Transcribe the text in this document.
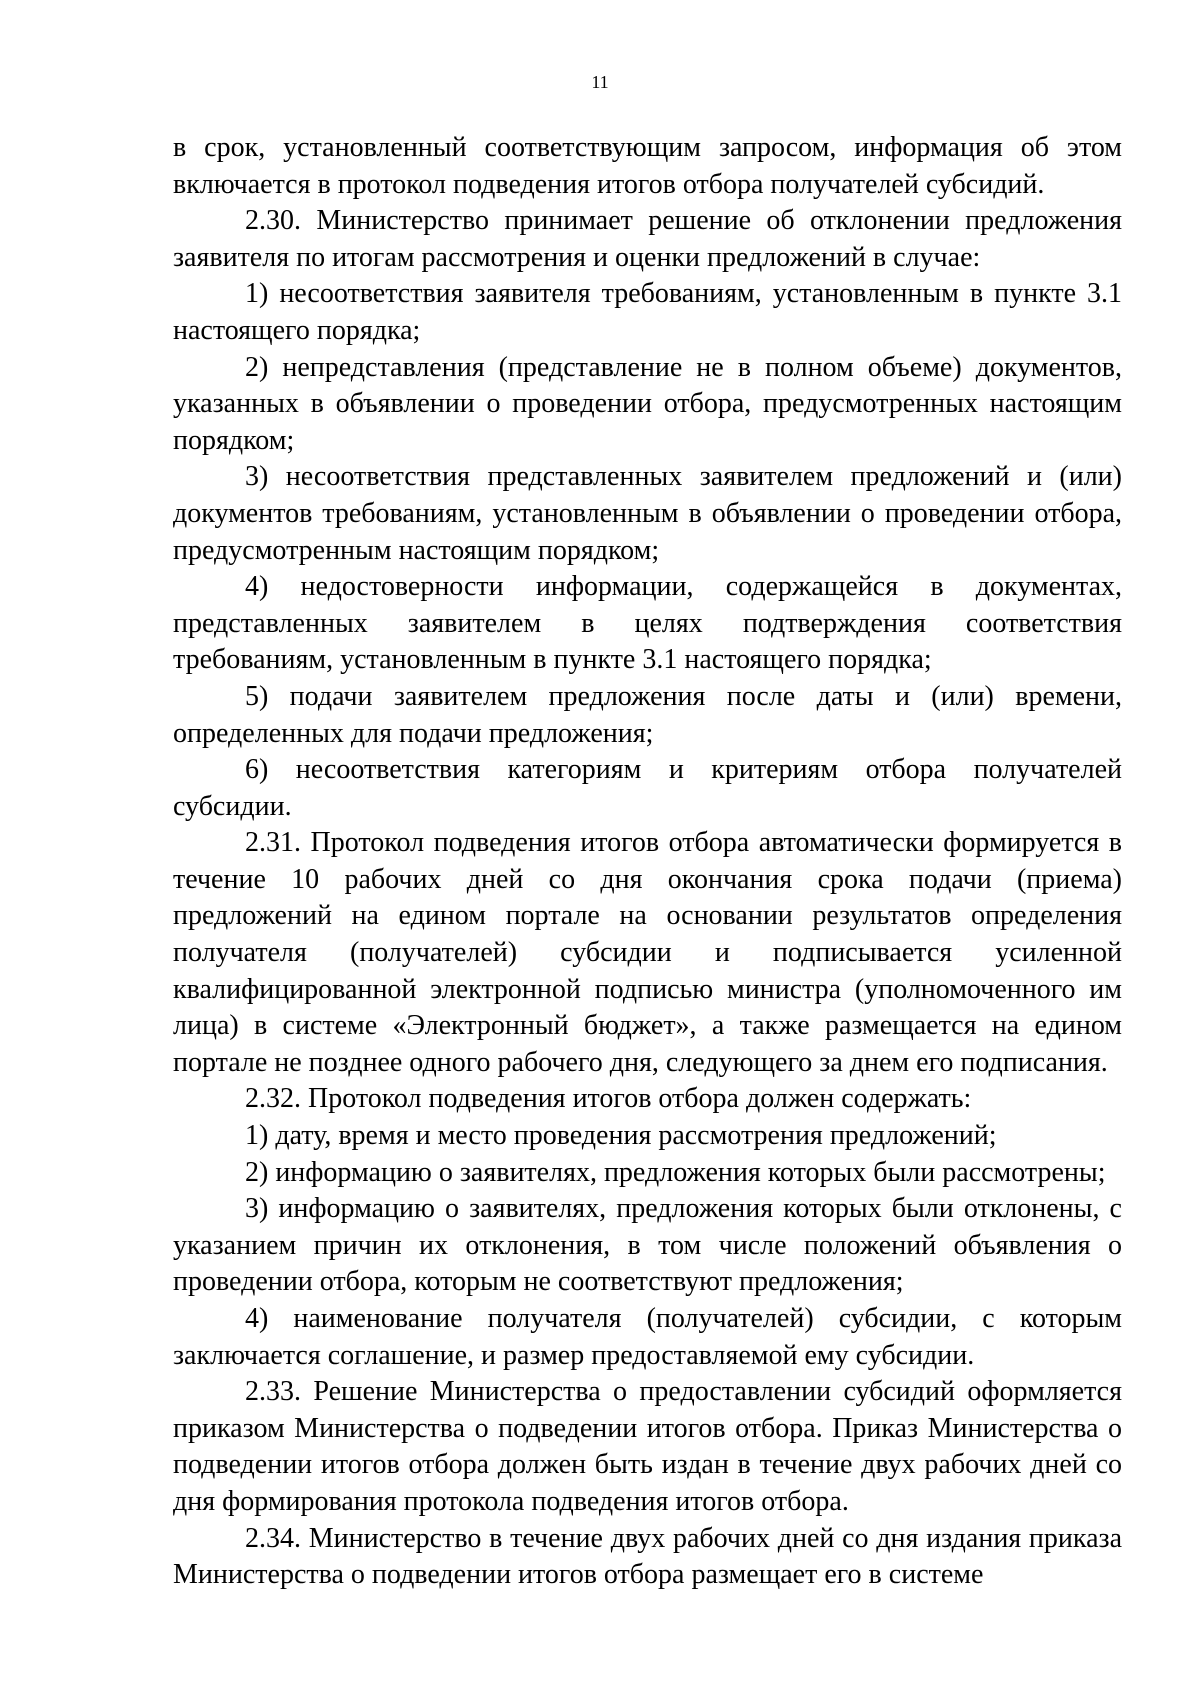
11

в срок, установленный соответствующим запросом, информация об этом включается в протокол подведения итогов отбора получателей субсидий.

2.30. Министерство принимает решение об отклонении предложения заявителя по итогам рассмотрения и оценки предложений в случае:

1) несоответствия заявителя требованиям, установленным в пункте 3.1 настоящего порядка;

2) непредставления (представление не в полном объеме) документов, указанных в объявлении о проведении отбора, предусмотренных настоящим порядком;

3) несоответствия представленных заявителем предложений и (или) документов требованиям, установленным в объявлении о проведении отбора, предусмотренным настоящим порядком;

4) недостоверности информации, содержащейся в документах, представленных заявителем в целях подтверждения соответствия требованиям, установленным в пункте 3.1 настоящего порядка;

5) подачи заявителем предложения после даты и (или) времени, определенных для подачи предложения;

6) несоответствия категориям и критериям отбора получателей субсидии.

2.31. Протокол подведения итогов отбора автоматически формируется в течение 10 рабочих дней со дня окончания срока подачи (приема) предложений на едином портале на основании результатов определения получателя (получателей) субсидии и подписывается усиленной квалифицированной электронной подписью министра (уполномоченного им лица) в системе «Электронный бюджет», а также размещается на едином портале не позднее одного рабочего дня, следующего за днем его подписания.

2.32. Протокол подведения итогов отбора должен содержать:

1) дату, время и место проведения рассмотрения предложений;

2) информацию о заявителях, предложения которых были рассмотрены;

3) информацию о заявителях, предложения которых были отклонены, с указанием причин их отклонения, в том числе положений объявления о проведении отбора, которым не соответствуют предложения;

4) наименование получателя (получателей) субсидии, с которым заключается соглашение, и размер предоставляемой ему субсидии.

2.33. Решение Министерства о предоставлении субсидий оформляется приказом Министерства о подведении итогов отбора. Приказ Министерства о подведении итогов отбора должен быть издан в течение двух рабочих дней со дня формирования протокола подведения итогов отбора.

2.34. Министерство в течение двух рабочих дней со дня издания приказа Министерства о подведении итогов отбора размещает его в системе
